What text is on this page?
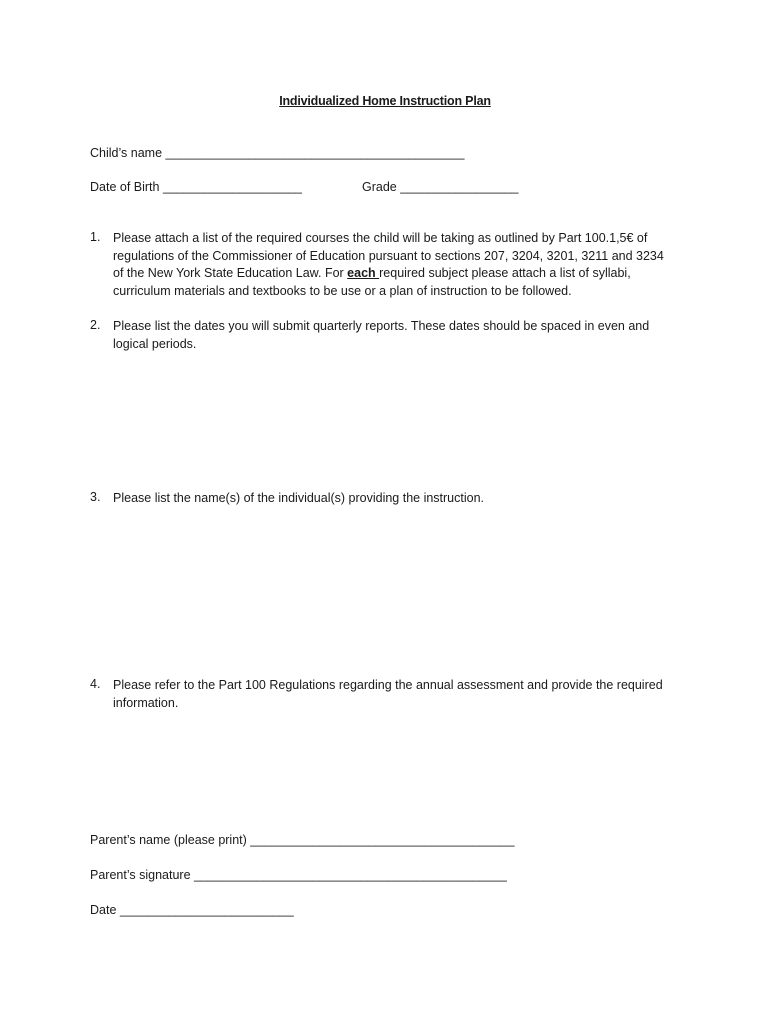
Individualized Home Instruction Plan
Child’s name ___________________________________________
Date of Birth ____________________	Grade _________________
1. Please attach a list of the required courses the child will be taking as outlined by Part 100.1,5€ of regulations of the Commissioner of Education pursuant to sections 207, 3204, 3201, 3211 and 3234 of the New York State Education Law. For each required subject please attach a list of syllabi, curriculum materials and textbooks to be use or a plan of instruction to be followed.
2. Please list the dates you will submit quarterly reports. These dates should be spaced in even and logical periods.
3. Please list the name(s) of the individual(s) providing the instruction.
4. Please refer to the Part 100 Regulations regarding the annual assessment and provide the required information.
Parent’s name (please print) ______________________________________
Parent’s signature _____________________________________________
Date _________________________
